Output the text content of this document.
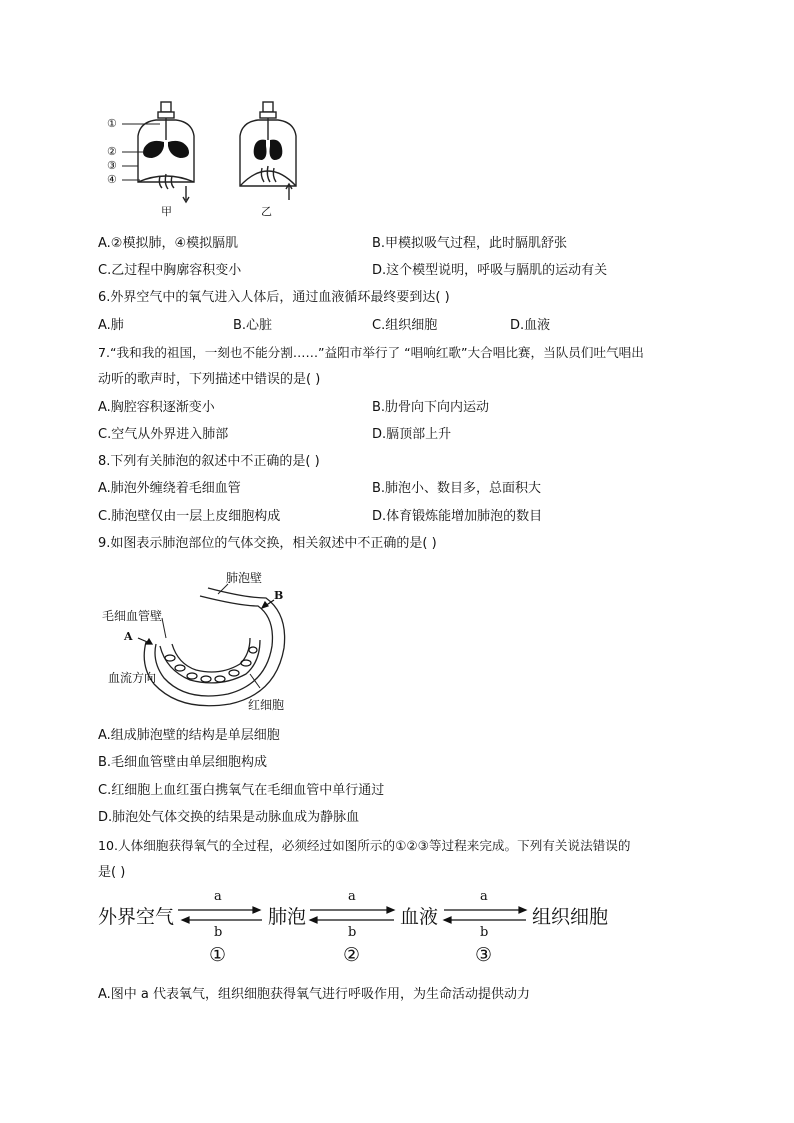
①
②
③
④
甲	乙
A.②模拟肺，④模拟膈肌	B.甲模拟吸气过程，此时膈肌舒张
C.乙过程中胸廓容积变小	D.这个模型说明，呼吸与膈肌的运动有关
6.外界空气中的氧气进入人体后，通过血液循环最终要到达( )
A.肺	B.心脏	C.组织细胞	D.血液
7.“我和我的祖国，一刻也不能分割……”益阳市举行了 “唱响红歌”大合唱比赛，当队员们吐气唱出
动听的歌声时，下列描述中错误的是( )
A.胸腔容积逐渐变小	B.肋骨向下向内运动
C.空气从外界进入肺部	D.膈顶部上升
8.下列有关肺泡的叙述中不正确的是( )
A.肺泡外缠绕着毛细血管	B.肺泡小、数目多，总面积大
C.肺泡壁仅由一层上皮细胞构成	D.体育锻炼能增加肺泡的数目
9.如图表示肺泡部位的气体交换，相关叙述中不正确的是( )
肺泡壁
B
毛细血管壁
A
血流方向
红细胞
A.组成肺泡壁的结构是单层细胞
B.毛细血管壁由单层细胞构成
C.红细胞上血红蛋白携氧气在毛细血管中单行通过
D.肺泡处气体交换的结果是动脉血成为静脉血
10.人体细胞获得氧气的全过程，必须经过如图所示的①②③等过程来完成。下列有关说法错误的
是( )
外界空气	肺泡	血液	组织细胞
a	a	a
b	b	b
①	②	③
A.图中 a 代表氧气，组织细胞获得氧气进行呼吸作用，为生命活动提供动力
